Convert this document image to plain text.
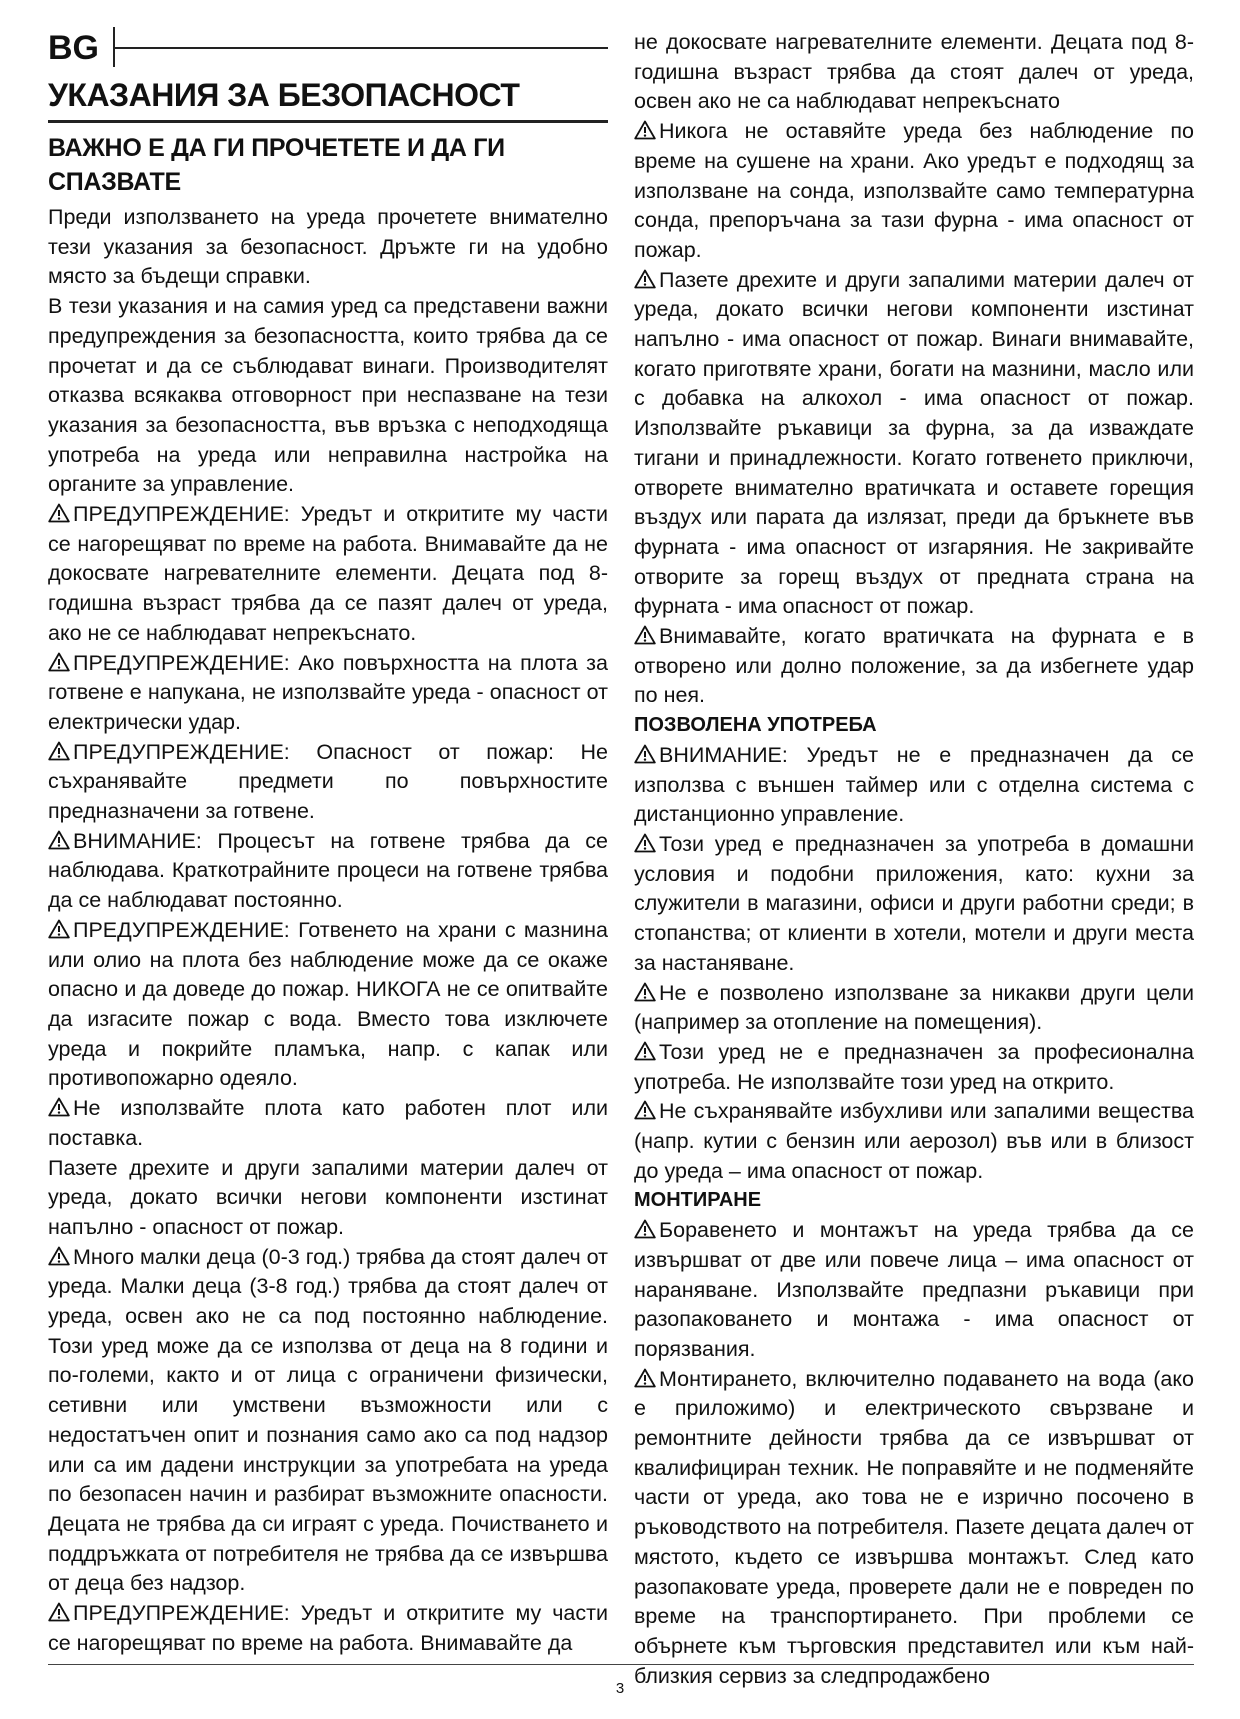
BG
УКАЗАНИЯ ЗА БЕЗОПАСНОСТ
ВАЖНО Е ДА ГИ ПРОЧЕТЕТЕ И ДА ГИ СПАЗВАТЕ

Преди използването на уреда прочетете внимателно тези указания за безопасност. Дръжте ги на удобно място за бъдещи справки.

В тези указания и на самия уред са представени важни предупреждения за безопасността, които трябва да се прочетат и да се съблюдават винаги. Производителят отказва всякаква отговорност при неспазване на тези указания за безопасността, във връзка с неподходяща употреба на уреда или неправилна настройка на органите за управление.

ПРЕДУПРЕЖДЕНИЕ: Уредът и откритите му части се нагорещяват по време на работа. Внимавайте да не докосвате нагревателните елементи. Децата под 8-годишна възраст трябва да се пазят далеч от уреда, ако не се наблюдават непрекъснато.

ПРЕДУПРЕЖДЕНИЕ: Ако повърхността на плота за готвене е напукана, не използвайте уреда - опасност от електрически удар.

ПРЕДУПРЕЖДЕНИЕ: Опасност от пожар: Не съхранявайте предмети по повърхностите предназначени за готвене.

ВНИМАНИЕ: Процесът на готвене трябва да се наблюдава. Краткотрайните процеси на готвене трябва да се наблюдават постоянно.

ПРЕДУПРЕЖДЕНИЕ: Готвенето на храни с мазнина или олио на плота без наблюдение може да се окаже опасно и да доведе до пожар. НИКОГА не се опитвайте да изгасите пожар с вода. Вместо това изключете уреда и покрийте пламъка, напр. с капак или противопожарно одеяло.

Не използвайте плота като работен плот или поставка.

Пазете дрехите и други запалими материи далеч от уреда, докато всички негови компоненти изстинат напълно - опасност от пожар.

Много малки деца (0-3 год.) трябва да стоят далеч от уреда. Малки деца (3-8 год.) трябва да стоят далеч от уреда, освен ако не са под постоянно наблюдение. Този уред може да се използва от деца на 8 години и по-големи, както и от лица с ограничени физически, сетивни или умствени възможности или с недостатъчен опит и познания само ако са под надзор или са им дадени инструкции за употребата на уреда по безопасен начин и разбират възможните опасности. Децата не трябва да си играят с уреда. Почистването и поддръжката от потребителя не трябва да се извършва от деца без надзор.

ПРЕДУПРЕЖДЕНИЕ: Уредът и откритите му части се нагорещяват по време на работа. Внимавайте да

не докосвате нагревателните елементи. Децата под 8-годишна възраст трябва да стоят далеч от уреда, освен ако не са наблюдават непрекъснато

Никога не оставяйте уреда без наблюдение по време на сушене на храни. Ако уредът е подходящ за използване на сонда, използвайте само температурна сонда, препоръчана за тази фурна - има опасност от пожар.

Пазете дрехите и други запалими материи далеч от уреда, докато всички негови компоненти изстинат напълно - има опасност от пожар. Винаги внимавайте, когато приготвяте храни, богати на мазнини, масло или с добавка на алкохол - има опасност от пожар. Използвайте ръкавици за фурна, за да изваждате тигани и принадлежности. Когато готвенето приключи, отворете внимателно вратичката и оставете горещия въздух или парата да излязат, преди да бръкнете във фурната - има опасност от изгаряния. Не закривайте отворите за горещ въздух от предната страна на фурната - има опасност от пожар.

Внимавайте, когато вратичката на фурната е в отворено или долно положение, за да избегнете удар по нея.

ПОЗВОЛЕНА УПОТРЕБА

ВНИМАНИЕ: Уредът не е предназначен да се използва с външен таймер или с отделна система с дистанционно управление.

Този уред е предназначен за употреба в домашни условия и подобни приложения, като: кухни за служители в магазини, офиси и други работни среди; в стопанства; от клиенти в хотели, мотели и други места за настаняване.

Не е позволено използване за никакви други цели (например за отопление на помещения).

Този уред не е предназначен за професионална употреба. Не използвайте този уред на открито.

Не съхранявайте избухливи или запалими вещества (напр. кутии с бензин или аерозол) във или в близост до уреда – има опасност от пожар.

МОНТИРАНЕ

Боравенето и монтажът на уреда трябва да се извършват от две или повече лица – има опасност от нараняване. Използвайте предпазни ръкавици при разопаковането и монтажа - има опасност от порязвания.

Монтирането, включително подаването на вода (ако е приложимо) и електрическото свързване и ремонтните дейности трябва да се извършват от квалифициран техник. Не поправяйте и не подменяйте части от уреда, ако това не е изрично посочено в ръководството на потребителя. Пазете децата далеч от мястото, където се извършва монтажът. След като разопаковате уреда, проверете дали не е повреден по време на транспортирането. При проблеми се обърнете към търговския представител или към най-близкия сервиз за следпродажбено

3
